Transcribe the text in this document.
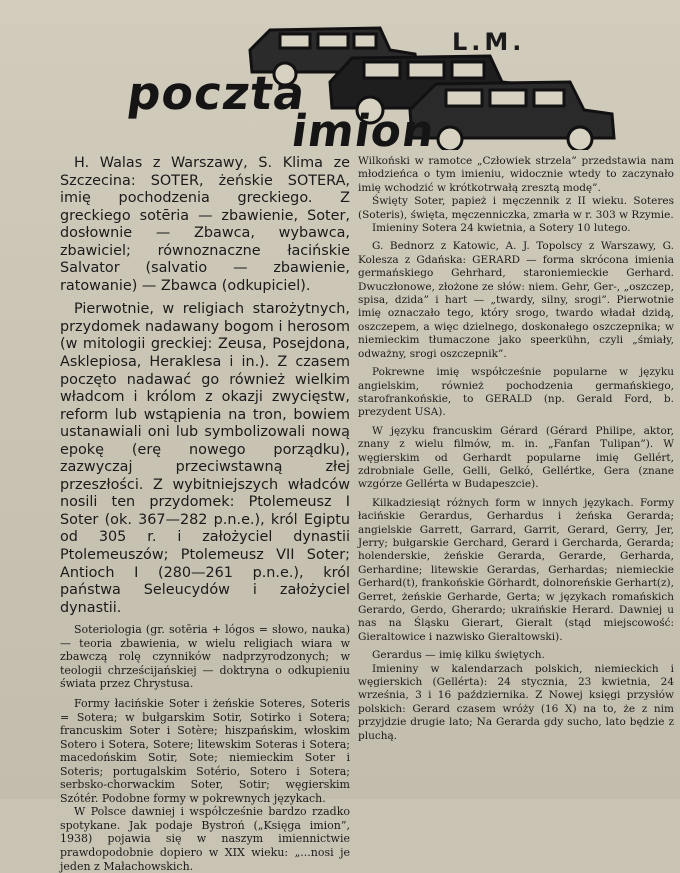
L.M.
poczta
imion

H. Walas z Warszawy, S. Klima ze Szczecina: SOTER, żeńskie SOTERA, imię pochodzenia greckiego. Z greckiego sotēria — zbawienie, Soter, dosłownie — Zbawca, wybawca, zbawiciel; równoznaczne łacińskie Salvator (salvatio — zbawienie, ratowanie) — Zbawca (odkupiciel).

Pierwotnie, w religiach starożytnych, przydomek nadawany bogom i herosom (w mitologii greckiej: Zeusa, Posejdona, Asklepiosa, Heraklesa i in.). Z czasem poczęto nadawać go również wielkim władcom i królom z okazji zwycięstw, reform lub wstąpienia na tron, bowiem ustanawiali oni lub symbolizowali nową epokę (erę nowego porządku), zazwyczaj przeciwstawną złej przeszłości. Z wybitniejszych władców nosili ten przydomek: Ptolemeusz I Soter (ok. 367—282 p.n.e.), król Egiptu od 305 r. i założyciel dynastii Ptolemeuszów; Ptolemeusz VII Soter; Antioch I (280—261 p.n.e.), król państwa Seleucydów i założyciel dynastii.

Soteriologia (gr. sotēria + lógos = słowo, nauka) — teoria zbawienia, w wielu religiach wiara w zbawczą rolę czynników nadprzyrodzonych; w teologii chrześcijańskiej — doktryna o odkupieniu świata przez Chrystusa.

Formy łacińskie Soter i żeńskie Soteres, Soteris = Sotera; w bułgarskim Sotir, Sotirko i Sotera; francuskim Soter i Sotère; hiszpańskim, włoskim Sotero i Sotera, Sotere; litewskim Soteras i Sotera; macedońskim Sotir, Sote; niemieckim Soter i Soteris; portugalskim Sotério, Sotero i Sotera; serbsko-chorwackim Soter, Sotir; węgierskim Szótér. Podobne formy w pokrewnych językach.

W Polsce dawniej i współcześnie bardzo rzadko spotykane. Jak podaje Bystroń („Księga imion”, 1938) pojawia się w naszym imiennictwie prawdopodobnie dopiero w XIX wieku: „...nosi je jeden z Małachowskich.

Wilkoński w ramotce „Człowiek strzela” przedstawia nam młodzieńca o tym imieniu, widocznie wtedy to zaczynało imię wchodzić w krótkotrwałą zresztą modę”.

Święty Soter, papież i męczennik z II wieku. Soteres (Soteris), święta, męczenniczka, zmarła w r. 303 w Rzymie.

Imieniny Sotera 24 kwietnia, a Sotery 10 lutego.

G. Bednorz z Katowic, A. J. Topolscy z Warszawy, G. Kolesza z Gdańska: GERARD — forma skrócona imienia germańskiego Gehrhard, staroniemieckie Gerhard. Dwuczłonowe, złożone ze słów: niem. Gehr, Ger-, „oszczep, spisa, dzida” i hart — „twardy, silny, srogi”. Pierwotnie imię oznaczało tego, który srogo, twardo władał dzidą, oszczepem, a więc dzielnego, doskonałego oszczepnika; w niemieckim tłumaczone jako speerkühn, czyli „śmiały, odważny, srogi oszczepnik”.

Pokrewne imię współcześnie popularne w języku angielskim, również pochodzenia germańskiego, starofrankońskie, to GERALD (np. Gerald Ford, b. prezydent USA).

W języku francuskim Gérard (Gérard Philipe, aktor, znany z wielu filmów, m. in. „Fanfan Tulipan”). W węgierskim od Gerhardt popularne imię Gellért, zdrobniale Gelle, Gelli, Gelkó, Gellértke, Gera (znane wzgórze Gellérta w Budapeszcie).

Kilkadziesiąt różnych form w innych językach. Formy łacińskie Gerardus, Gerhardus i żeńska Gerarda; angielskie Garrett, Garrard, Garrit, Gerard, Gerry, Jer, Jerry; bułgarskie Gerchard, Gerard i Gercharda, Gerarda; holenderskie, żeńskie Gerarda, Gerarde, Gerharda, Gerhardine; litewskie Gerardas, Gerhardas; niemieckie Gerhard(t), frankońskie Görhardt, dolnoreńskie Gerhart(z), Gerret, żeńskie Gerharde, Gerta; w językach romańskich Gerardo, Gerdo, Gherardo; ukraińskie Herard. Dawniej u nas na Śląsku Gierart, Gieralt (stąd miejscowość: Gieraltowice i nazwisko Gieraltowski).

Gerardus — imię kilku świętych.

Imieniny w kalendarzach polskich, niemieckich i węgierskich (Gellérta): 24 stycznia, 23 kwietnia, 24 września, 3 i 16 października. Z Nowej księgi przysłów polskich: Gerard czasem wróży (16 X) na to, że z nim przyjdzie drugie lato; Na Gerarda gdy sucho, lato będzie z pluchą.
